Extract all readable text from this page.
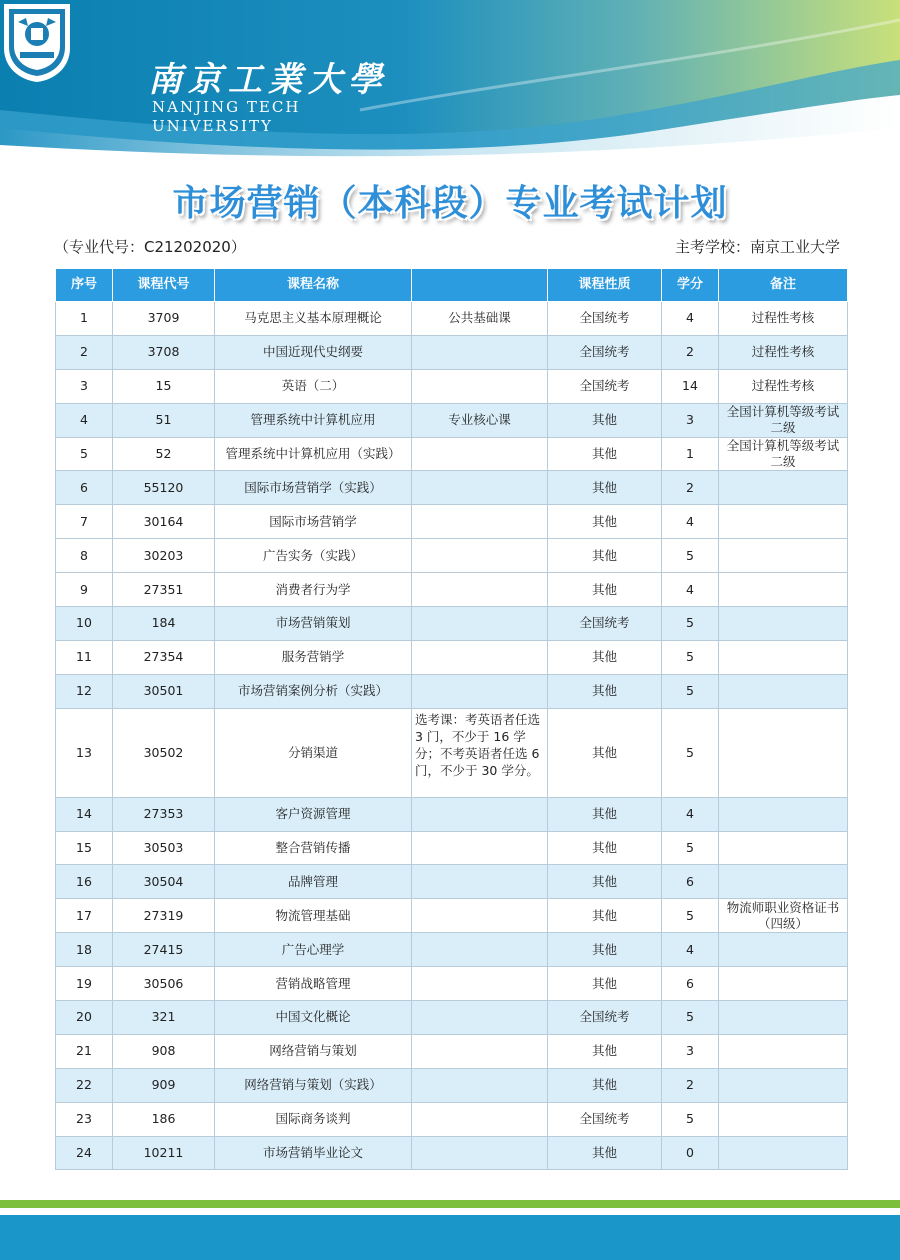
南京工業大學
NANJING TECH
UNIVERSITY
市场营销（本科段）专业考试计划
（专业代号：C21202020）	主考学校：南京工业大学
序号	课程代号	课程名称		课程性质	学分	备注
1	3709	马克思主义基本原理概论	公共基础课	全国统考	4	过程性考核
2	3708	中国近现代史纲要		全国统考	2	过程性考核
3	15	英语（二）		全国统考	14	过程性考核
4	51	管理系统中计算机应用	专业核心课	其他	3	全国计算机等级考试二级
5	52	管理系统中计算机应用（实践）		其他	1	全国计算机等级考试二级
6	55120	国际市场营销学（实践）		其他	2	
7	30164	国际市场营销学		其他	4	
8	30203	广告实务（实践）		其他	5	
9	27351	消费者行为学		其他	4	
10	184	市场营销策划		全国统考	5	
11	27354	服务营销学		其他	5	
12	30501	市场营销案例分析（实践）		其他	5	
13	30502	分销渠道	选考课：考英语者任选 3 门，不少于 16 学分；不考英语者任选 6 门，不少于 30 学分。	其他	5	
14	27353	客户资源管理		其他	4	
15	30503	整合营销传播		其他	5	
16	30504	品牌管理		其他	6	
17	27319	物流管理基础		其他	5	物流师职业资格证书（四级）
18	27415	广告心理学		其他	4	
19	30506	营销战略管理		其他	6	
20	321	中国文化概论		全国统考	5	
21	908	网络营销与策划		其他	3	
22	909	网络营销与策划（实践）		其他	2	
23	186	国际商务谈判		全国统考	5	
24	10211	市场营销毕业论文		其他	0	
